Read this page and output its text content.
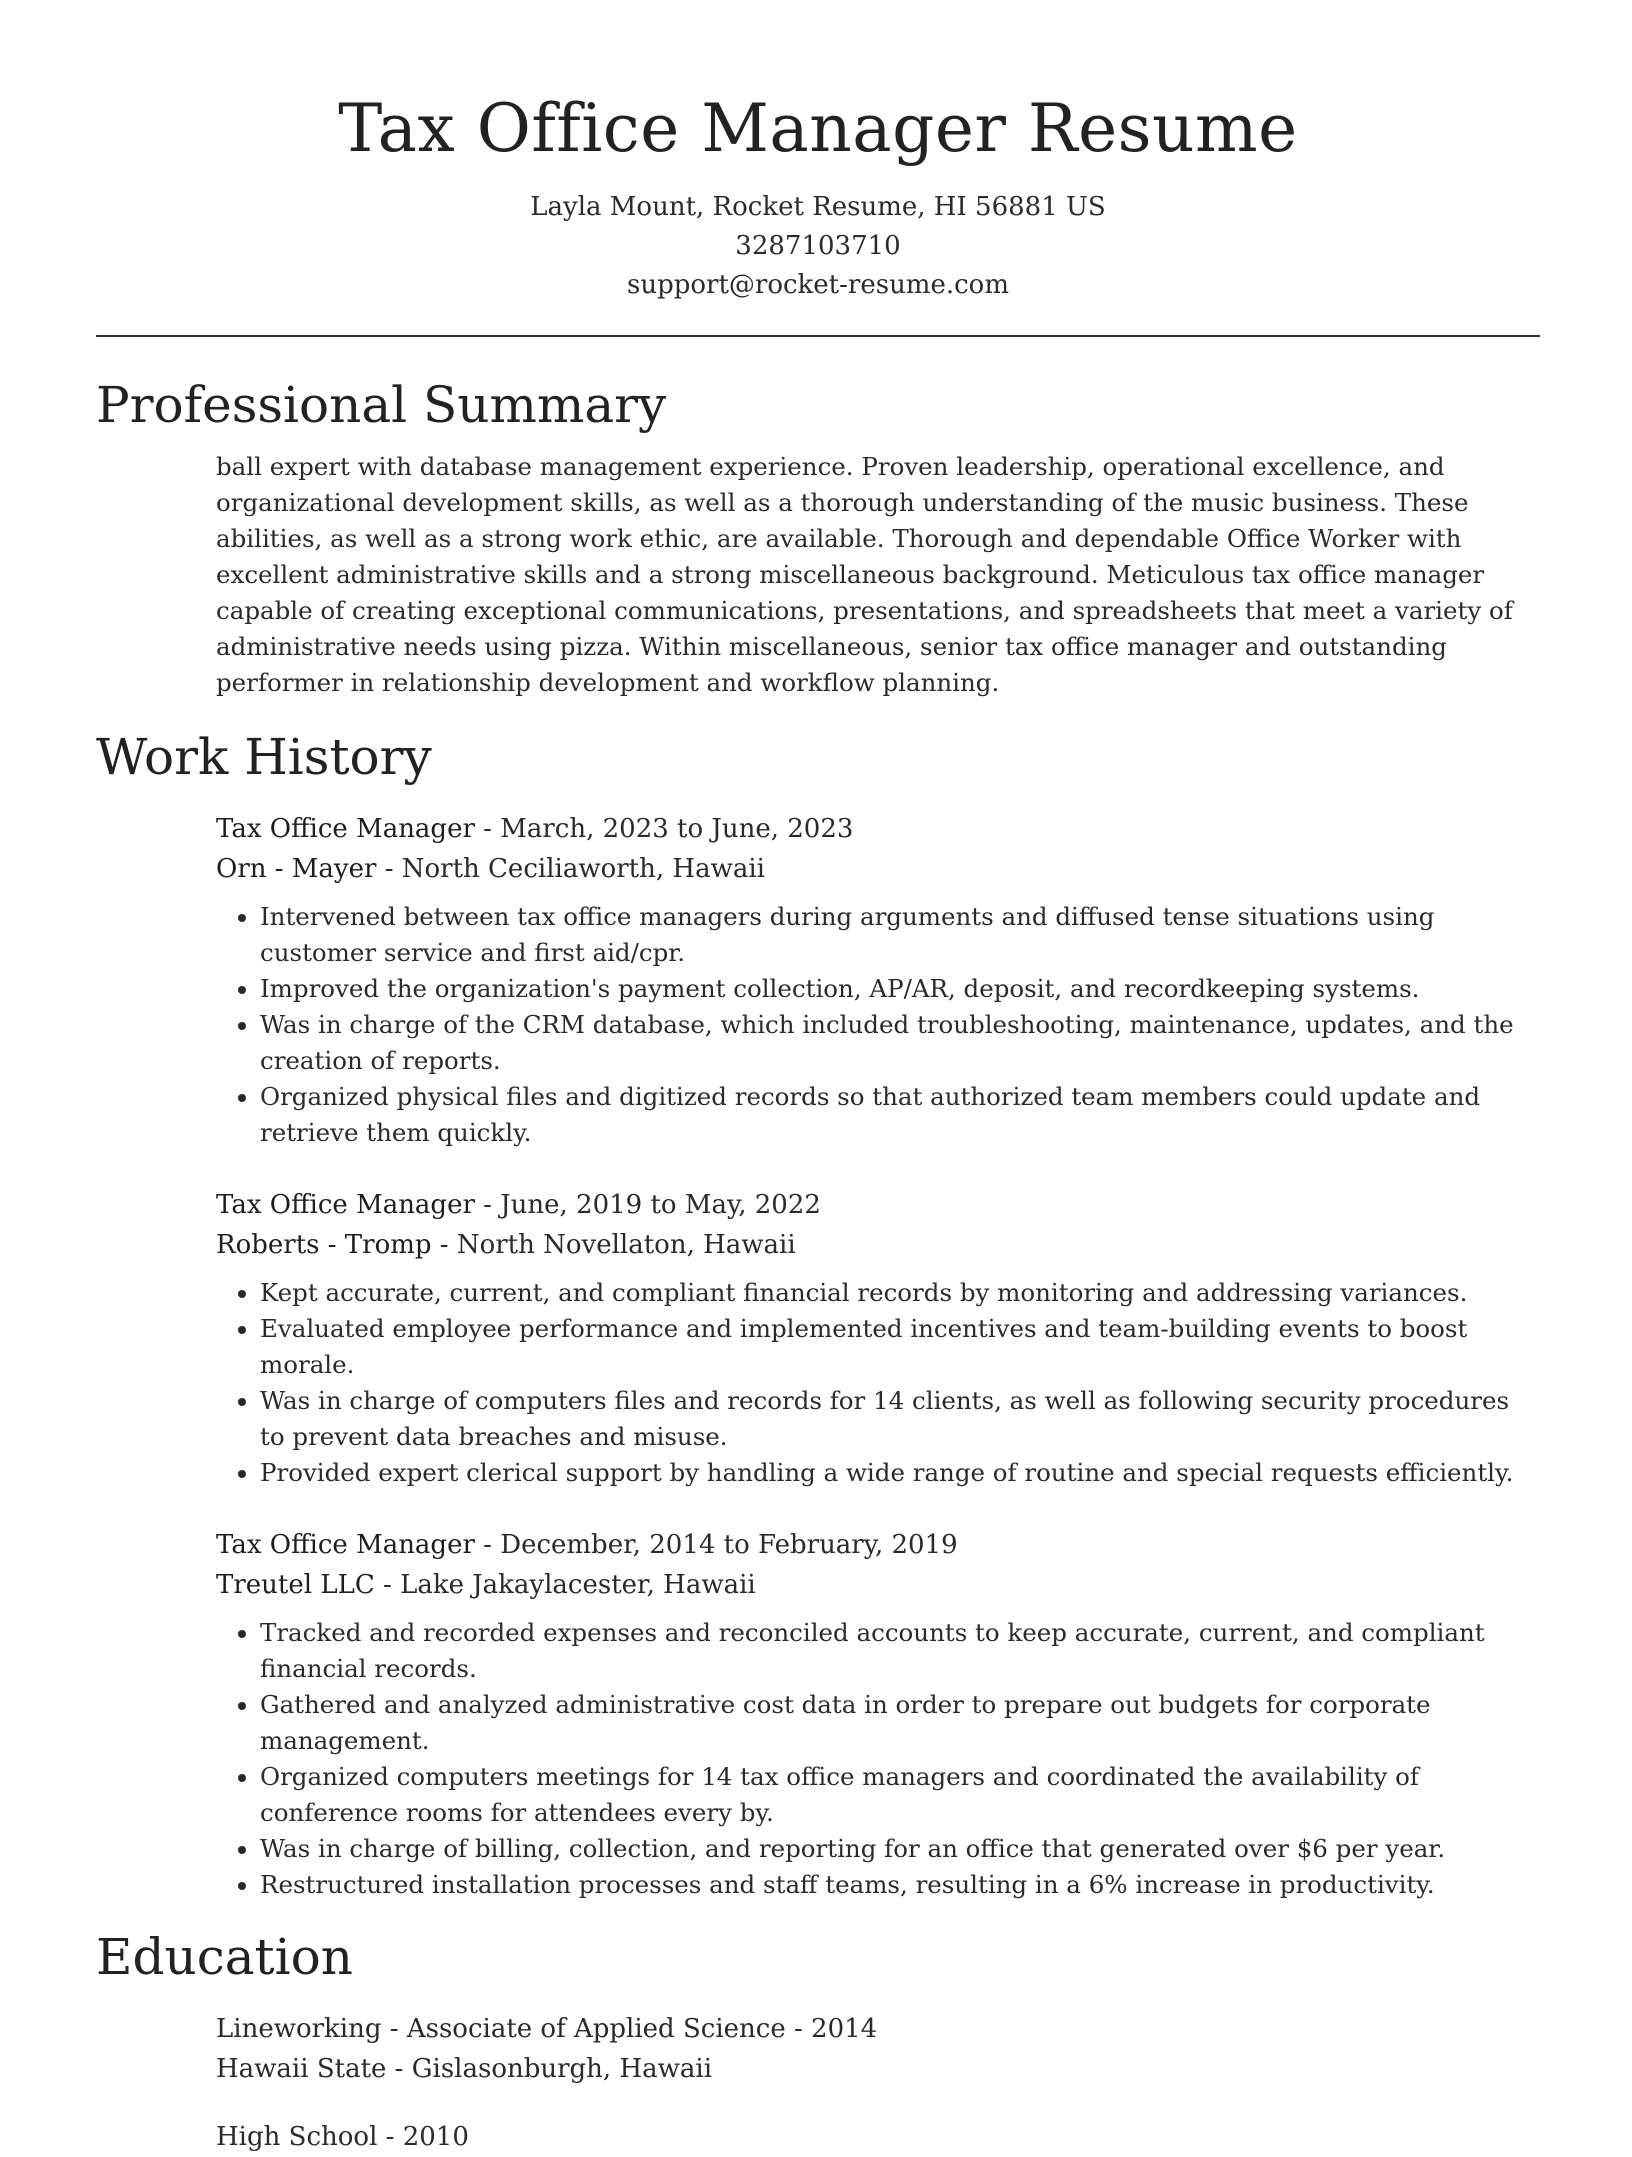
Tax Office Manager Resume
Layla Mount, Rocket Resume, HI 56881 US
3287103710
support@rocket-resume.com
Professional Summary
ball expert with database management experience. Proven leadership, operational excellence, and organizational development skills, as well as a thorough understanding of the music business. These abilities, as well as a strong work ethic, are available. Thorough and dependable Office Worker with excellent administrative skills and a strong miscellaneous background. Meticulous tax office manager capable of creating exceptional communications, presentations, and spreadsheets that meet a variety of administrative needs using pizza. Within miscellaneous, senior tax office manager and outstanding performer in relationship development and workflow planning.
Work History
Tax Office Manager - March, 2023 to June, 2023
Orn - Mayer - North Ceciliaworth, Hawaii
• Intervened between tax office managers during arguments and diffused tense situations using customer service and first aid/cpr.
• Improved the organization's payment collection, AP/AR, deposit, and recordkeeping systems.
• Was in charge of the CRM database, which included troubleshooting, maintenance, updates, and the creation of reports.
• Organized physical files and digitized records so that authorized team members could update and retrieve them quickly.
Tax Office Manager - June, 2019 to May, 2022
Roberts - Tromp - North Novellaton, Hawaii
• Kept accurate, current, and compliant financial records by monitoring and addressing variances.
• Evaluated employee performance and implemented incentives and team-building events to boost morale.
• Was in charge of computers files and records for 14 clients, as well as following security procedures to prevent data breaches and misuse.
• Provided expert clerical support by handling a wide range of routine and special requests efficiently.
Tax Office Manager - December, 2014 to February, 2019
Treutel LLC - Lake Jakaylacester, Hawaii
• Tracked and recorded expenses and reconciled accounts to keep accurate, current, and compliant financial records.
• Gathered and analyzed administrative cost data in order to prepare out budgets for corporate management.
• Organized computers meetings for 14 tax office managers and coordinated the availability of conference rooms for attendees every by.
• Was in charge of billing, collection, and reporting for an office that generated over $6 per year.
• Restructured installation processes and staff teams, resulting in a 6% increase in productivity.
Education
Lineworking - Associate of Applied Science - 2014
Hawaii State - Gislasonburgh, Hawaii
High School - 2010
